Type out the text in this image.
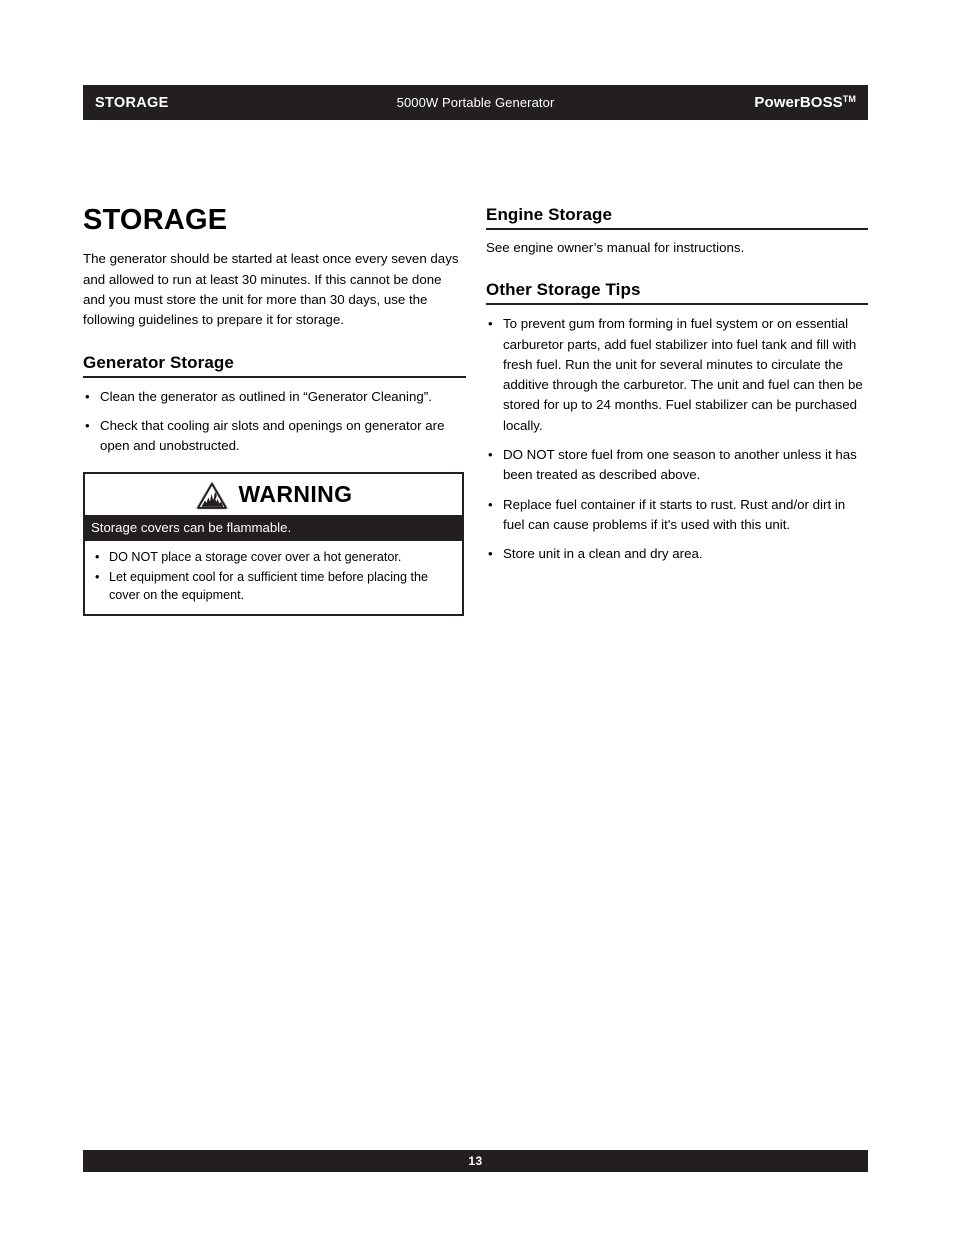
STORAGE	5000W Portable Generator	PowerBOSS™
STORAGE

The generator should be started at least once every seven days and allowed to run at least 30 minutes. If this cannot be done and you must store the unit for more than 30 days, use the following guidelines to prepare it for storage.

Generator Storage
• Clean the generator as outlined in “Generator Cleaning”.
• Check that cooling air slots and openings on generator are open and unobstructed.
WARNING
Storage covers can be flammable.
• DO NOT place a storage cover over a hot generator.
• Let equipment cool for a sufficient time before placing the cover on the equipment.
Engine Storage

See engine owner’s manual for instructions.

Other Storage Tips
• To prevent gum from forming in fuel system or on essential carburetor parts, add fuel stabilizer into fuel tank and fill with fresh fuel. Run the unit for several minutes to circulate the additive through the carburetor. The unit and fuel can then be stored for up to 24 months. Fuel stabilizer can be purchased locally.
• DO NOT store fuel from one season to another unless it has been treated as described above.
• Replace fuel container if it starts to rust. Rust and/or dirt in fuel can cause problems if it's used with this unit.
• Store unit in a clean and dry area.
13
